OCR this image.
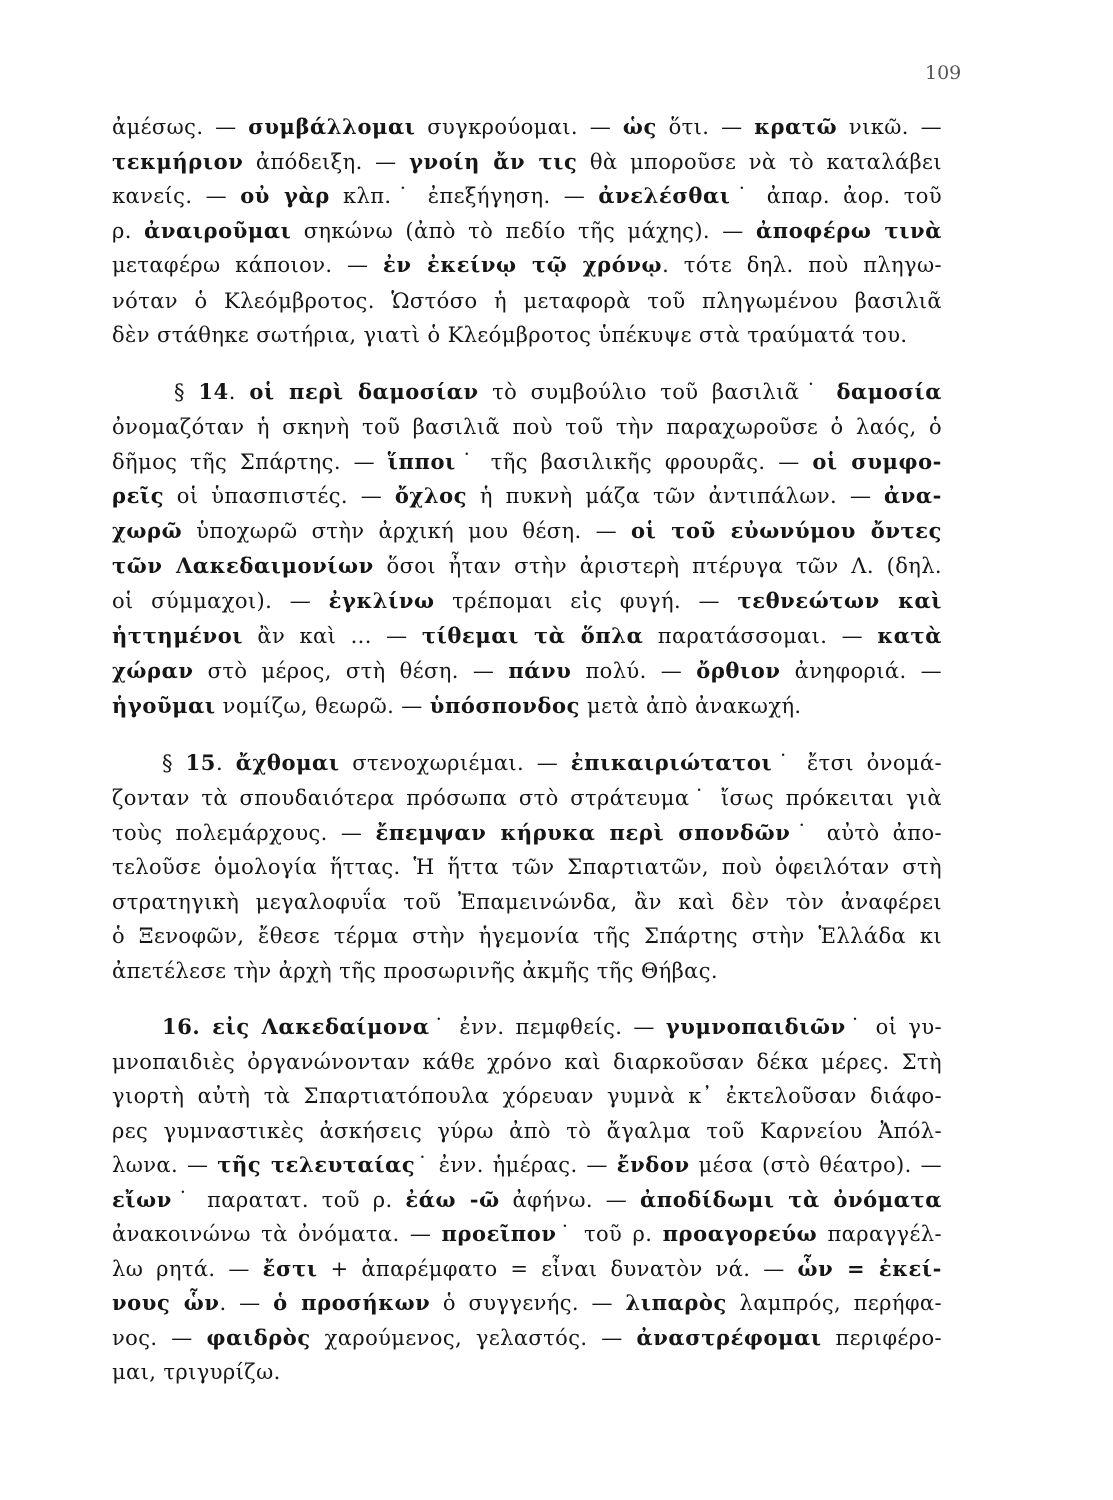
109
ἀμέσως. — συμβάλλομαι συγκρούομαι. — ὡς ὅτι. — κρατῶ νικῶ. —
τεκμήριον ἀπόδειξη. — γνοίη ἄν τις θὰ μποροῦσε νὰ τὸ καταλάβει
κανείς. — οὐ γὰρ κλπ.˙ ἐπεξήγηση. — ἀνελέσθαι˙ ἀπαρ. ἀορ. τοῦ
ρ. ἀναιροῦμαι σηκώνω (ἀπὸ τὸ πεδίο τῆς μάχης). — ἀποφέρω τινὰ
μεταφέρω κάποιον. — ἐν ἐκείνῳ τῷ χρόνῳ. τότε δηλ. ποὺ πληγω-
νόταν ὁ Κλεόμβροτος. Ὡστόσο ἡ μεταφορὰ τοῦ πληγωμένου βασιλιᾶ
δὲν στάθηκε σωτήρια, γιατὶ ὁ Κλεόμβροτος ὑπέκυψε στὰ τραύματά του.
§ 14. οἱ περὶ δαμοσίαν τὸ συμβούλιο τοῦ βασιλιᾶ˙ δαμοσία
ὀνομαζόταν ἡ σκηνὴ τοῦ βασιλιᾶ ποὺ τοῦ τὴν παραχωροῦσε ὁ λαός, ὁ
δῆμος τῆς Σπάρτης. — ἵπποι˙ τῆς βασιλικῆς φρουρᾶς. — οἱ συμφο-
ρεῖς οἱ ὑπασπιστές. — ὄχλος ἡ πυκνὴ μάζα τῶν ἀντιπάλων. — ἀνα-
χωρῶ ὑποχωρῶ στὴν ἀρχική μου θέση. — οἱ τοῦ εὐωνύμου ὄντες
τῶν Λακεδαιμονίων ὅσοι ἦταν στὴν ἀριστερὴ πτέρυγα τῶν Λ. (δηλ.
οἱ σύμμαχοι). — ἐγκλίνω τρέπομαι εἰς φυγή. — τεθνεώτων καὶ
ἡττημένοι ἂν καὶ ... — τίθεμαι τὰ ὅπλα παρατάσσομαι. — κατὰ
χώραν στὸ μέρος, στὴ θέση. — πάνυ πολύ. — ὄρθιον ἀνηφοριά. —
ἡγοῦμαι νομίζω, θεωρῶ. — ὑπόσπονδος μετὰ ἀπὸ ἀνακωχή.
§ 15. ἄχθομαι στενοχωριέμαι. — ἐπικαιριώτατοι˙ ἔτσι ὀνομά-
ζονταν τὰ σπουδαιότερα πρόσωπα στὸ στράτευμα˙ ἴσως πρόκειται γιὰ
τοὺς πολεμάρχους. — ἔπεμψαν κήρυκα περὶ σπονδῶν˙ αὐτὸ ἀπο-
τελοῦσε ὁμολογία ἥττας. Ἡ ἥττα τῶν Σπαρτιατῶν, ποὺ ὀφειλόταν στὴ
στρατηγικὴ μεγαλοφυΐα τοῦ Ἐπαμεινώνδα, ἂν καὶ δὲν τὸν ἀναφέρει
ὁ Ξενοφῶν, ἔθεσε τέρμα στὴν ἡγεμονία τῆς Σπάρτης στὴν Ἑλλάδα κι
ἀπετέλεσε τὴν ἀρχὴ τῆς προσωρινῆς ἀκμῆς τῆς Θήβας.
16. εἰς Λακεδαίμονα˙ ἐνν. πεμφθείς. — γυμνοπαιδιῶν˙ οἱ γυ-
μνοπαιδιὲς ὀργανώνονταν κάθε χρόνο καὶ διαρκοῦσαν δέκα μέρες. Στὴ
γιορτὴ αὐτὴ τὰ Σπαρτιατόπουλα χόρευαν γυμνὰ κ᾿ ἐκτελοῦσαν διάφο-
ρες γυμναστικὲς ἀσκήσεις γύρω ἀπὸ τὸ ἄγαλμα τοῦ Καρνείου Ἀπόλ-
λωνα. — τῆς τελευταίας˙ ἐνν. ἡμέρας. — ἔνδον μέσα (στὸ θέατρο). —
εἴων˙ παρατατ. τοῦ ρ. ἐάω -ῶ ἀφήνω. — ἀποδίδωμι τὰ ὀνόματα
ἀνακοινώνω τὰ ὀνόματα. — προεῖπον˙ τοῦ ρ. προαγορεύω παραγγέλ-
λω ρητά. — ἔστι + ἀπαρέμφατο = εἶναι δυνατὸν νά. — ὧν = ἐκεί-
νους ὧν. — ὁ προσήκων ὁ συγγενής. — λιπαρὸς λαμπρός, περήφα-
νος. — φαιδρὸς χαρούμενος, γελαστός. — ἀναστρέφομαι περιφέρο-
μαι, τριγυρίζω.
